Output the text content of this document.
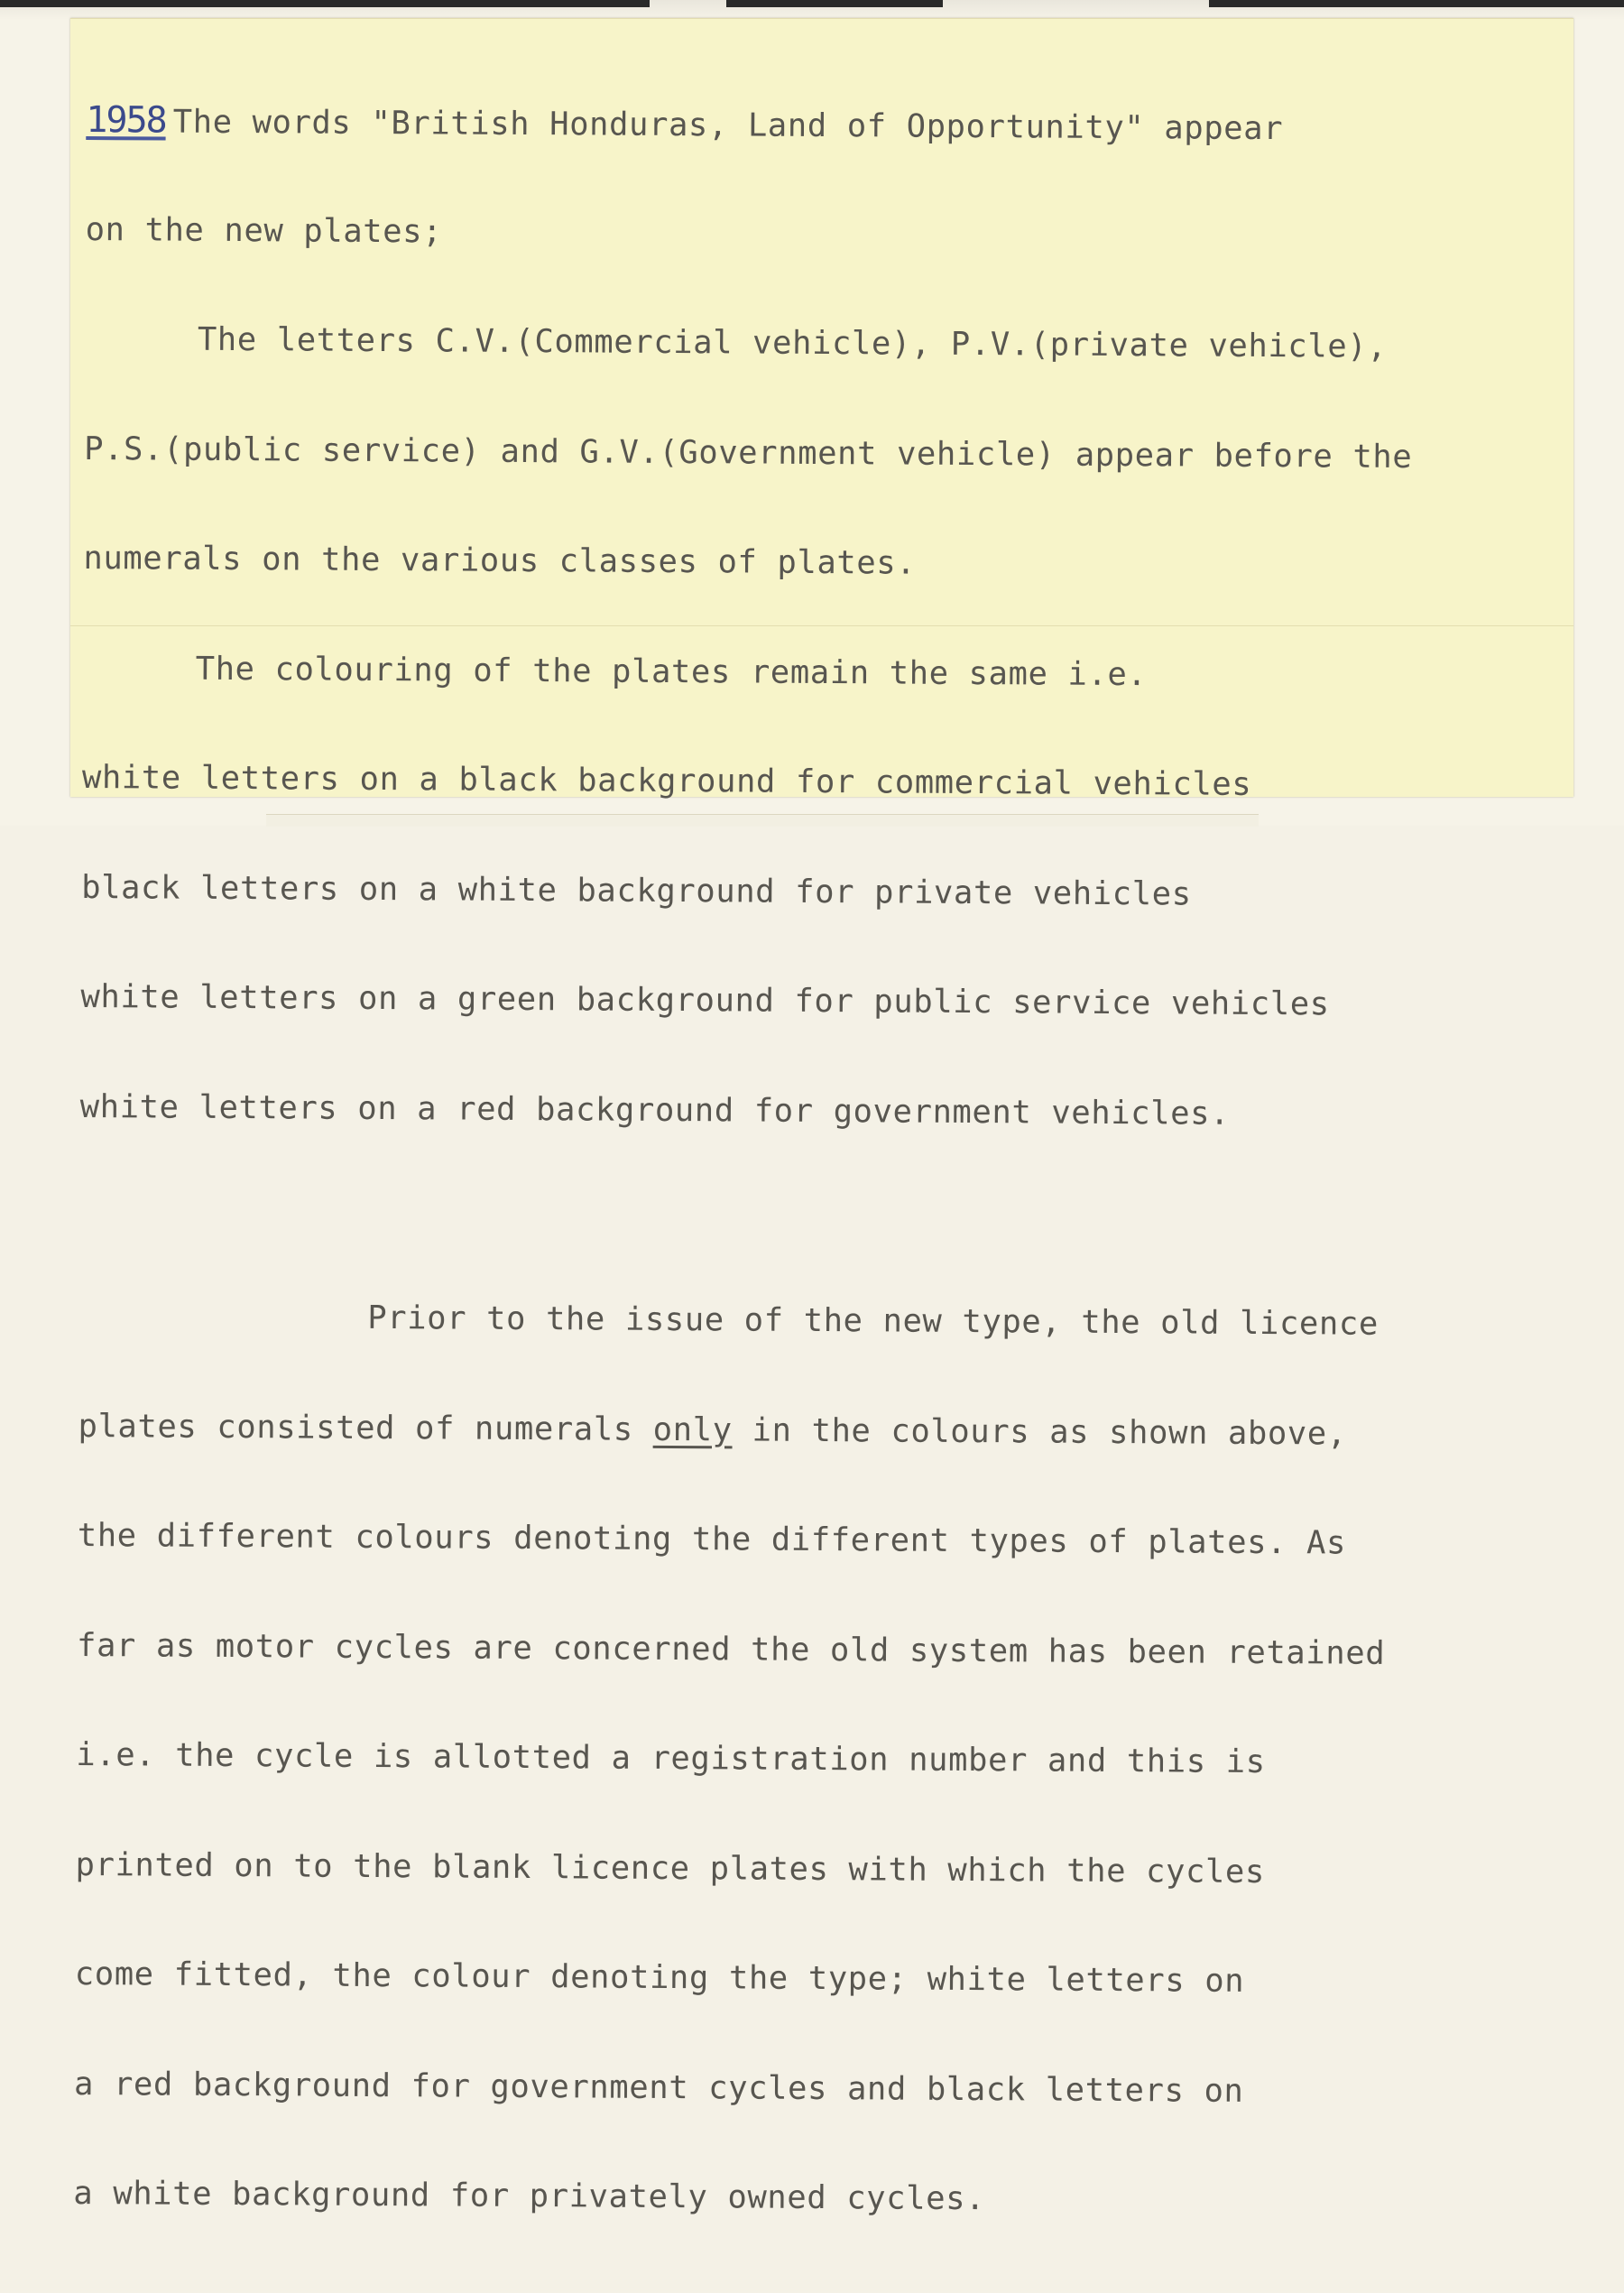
1958 The words "British Honduras, Land of Opportunity" appear

on the new plates;

The letters C.V.(Commercial vehicle), P.V.(private vehicle),

P.S.(public service) and G.V.(Government vehicle) appear before the

numerals on the various classes of plates.

The colouring of the plates remain the same i.e.

white letters on a black background for commercial vehicles

black letters on a white background for private vehicles

white letters on a green background for public service vehicles

white letters on a red background for government vehicles.

Prior to the issue of the new type, the old licence

plates consisted of numerals only in the colours as shown above,

the different colours denoting the different types of plates. As

far as motor cycles are concerned the old system has been retained

i.e. the cycle is allotted a registration number and this is

printed on to the blank licence plates with which the cycles

come fitted, the colour denoting the type; white letters on

a red background for government cycles and black letters on

a white background for privately owned cycles.
